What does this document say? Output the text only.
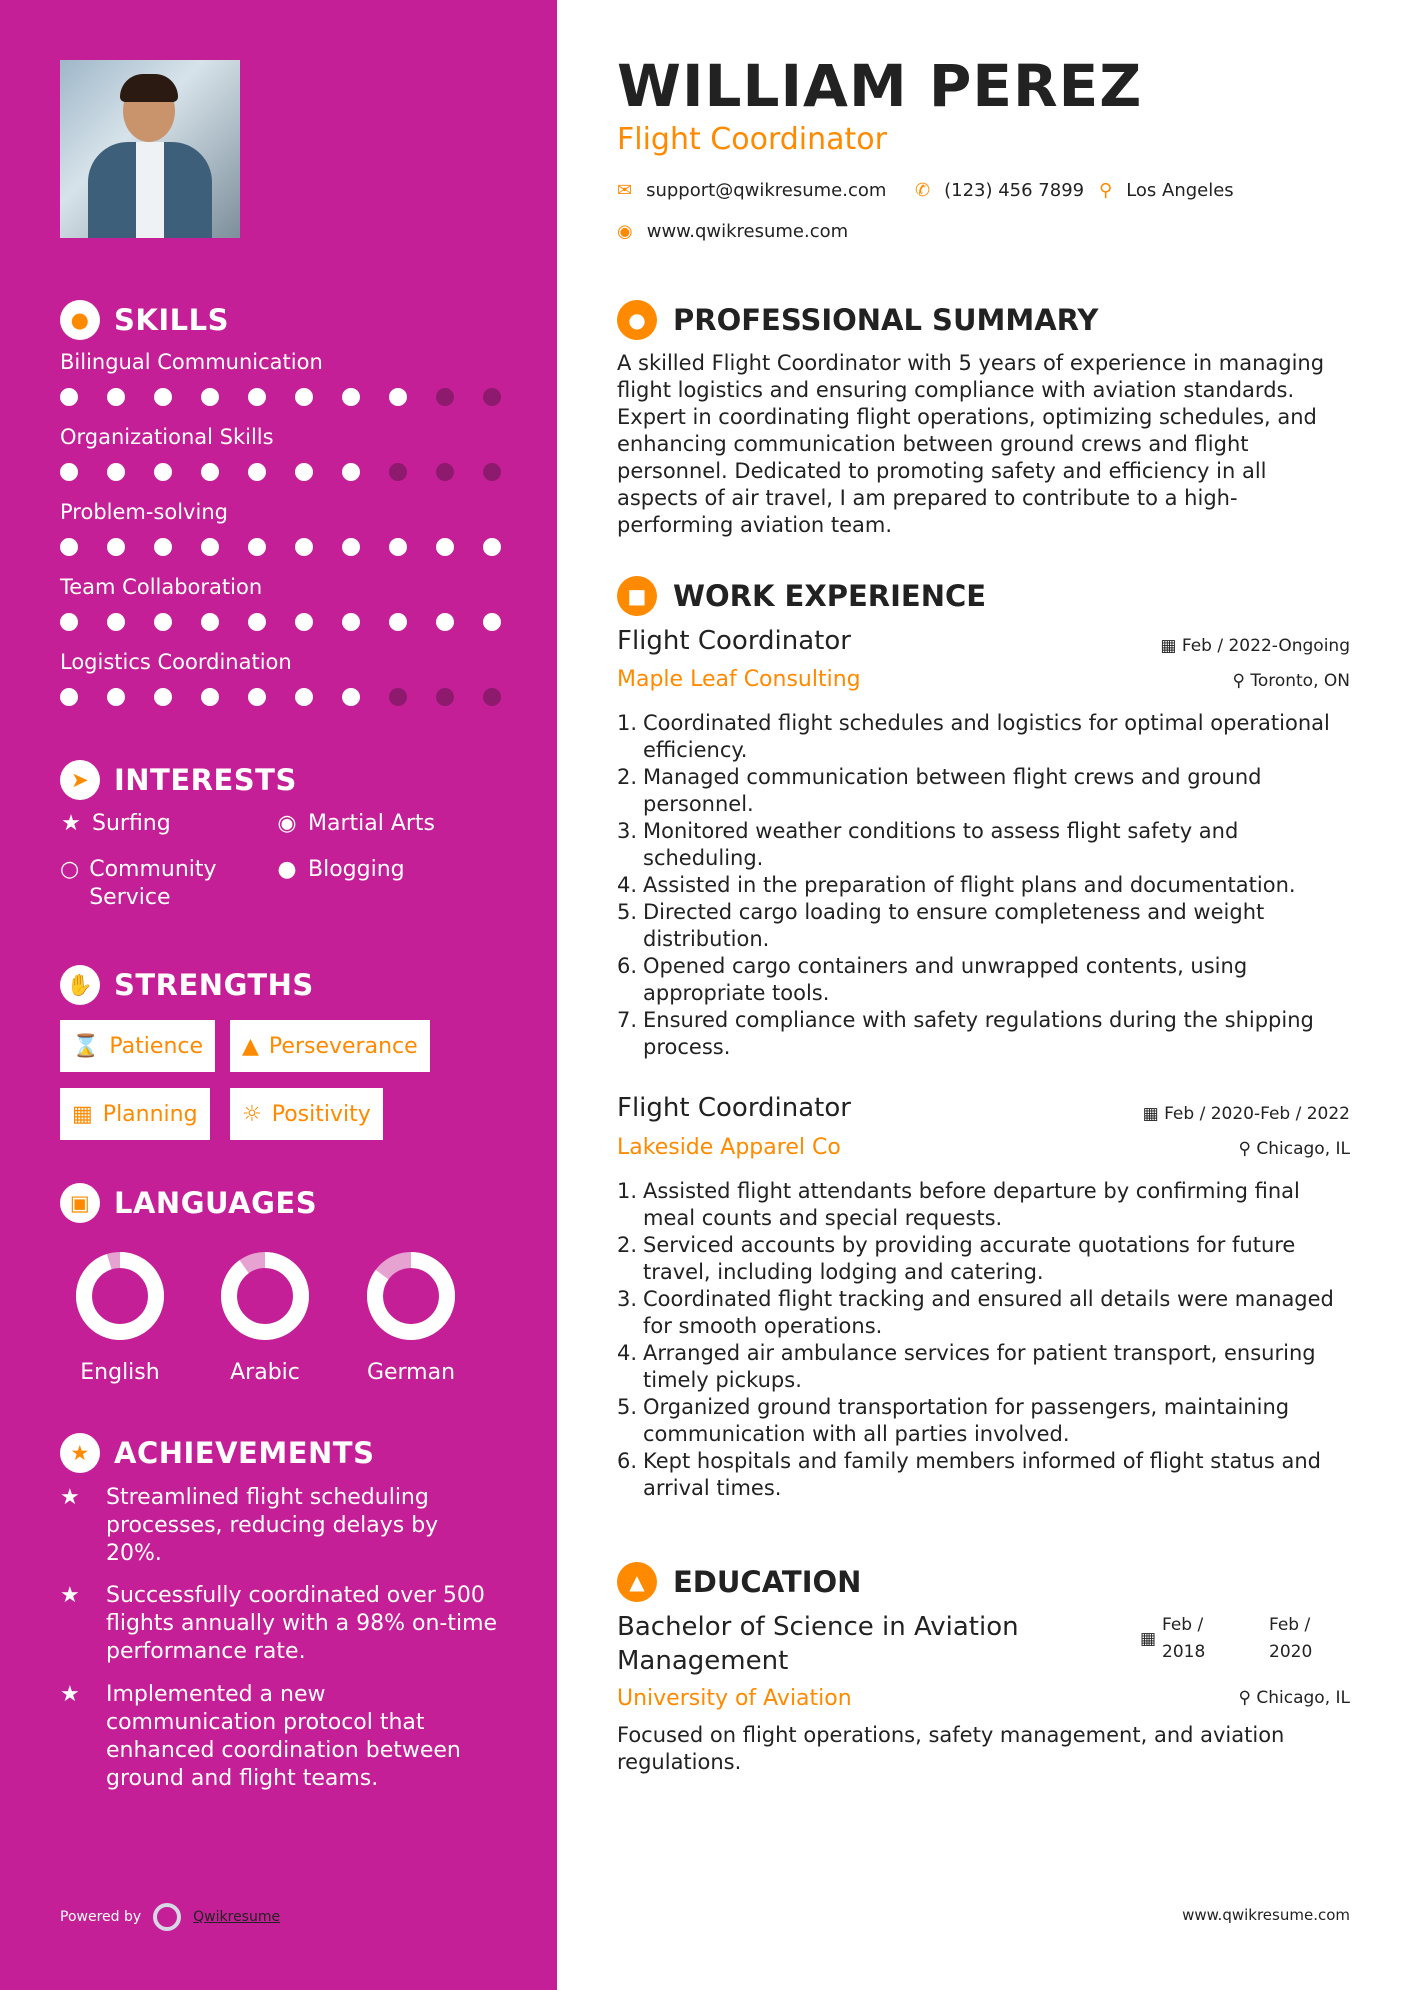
● SKILLS
Bilingual Communication
Organizational Skills
Problem-solving
Team Collaboration
Logistics Coordination
➤ INTERESTS
★ Surfing	◉ Martial Arts
○ Community Service
● Blogging
✋ STRENGTHS
⌛ Patience ▲ Perseverance
▦ Planning ☼ Positivity
▣ LANGUAGES
English	Arabic	German
★ ACHIEVEMENTS
★	Streamlined flight scheduling processes, reducing delays by 20%.
★	Successfully coordinated over 500 flights annually with a 98% on-time performance rate.
★	Implemented a new communication protocol that enhanced coordination between ground and flight teams.
Powered by	Qwikresume
WILLIAM PEREZ
Flight Coordinator
✉ support@qwikresume.com ✆ (123) 456 7899 ⚲ Los Angeles
◉ www.qwikresume.com
● PROFESSIONAL SUMMARY
A skilled Flight Coordinator with 5 years of experience in managing flight logistics and ensuring compliance with aviation standards. Expert in coordinating flight operations, optimizing schedules, and enhancing communication between ground crews and flight personnel. Dedicated to promoting safety and efficiency in all aspects of air travel, I am prepared to contribute to a high-performing aviation team.
■ WORK EXPERIENCE
Flight Coordinator	▦ Feb / 2022-Ongoing
Maple Leaf Consulting	⚲ Toronto, ON
1. Coordinated flight schedules and logistics for optimal operational efficiency.
2. Managed communication between flight crews and ground personnel.
3. Monitored weather conditions to assess flight safety and scheduling.
4. Assisted in the preparation of flight plans and documentation.
5. Directed cargo loading to ensure completeness and weight distribution.
6. Opened cargo containers and unwrapped contents, using appropriate tools.
7. Ensured compliance with safety regulations during the shipping process.
Flight Coordinator	▦ Feb / 2020-Feb / 2022
Lakeside Apparel Co	⚲ Chicago, IL
1. Assisted flight attendants before departure by confirming final meal counts and special requests.
2. Serviced accounts by providing accurate quotations for future travel, including lodging and catering.
3. Coordinated flight tracking and ensured all details were managed for smooth operations.
4. Arranged air ambulance services for patient transport, ensuring timely pickups.
5. Organized ground transportation for passengers, maintaining communication with all parties involved.
6. Kept hospitals and family members informed of flight status and arrival times.
▲ EDUCATION
Bachelor of Science in Aviation Management
▦
Feb /
2018
Feb /
2020
University of Aviation	⚲ Chicago, IL
Focused on flight operations, safety management, and aviation regulations.
www.qwikresume.com
